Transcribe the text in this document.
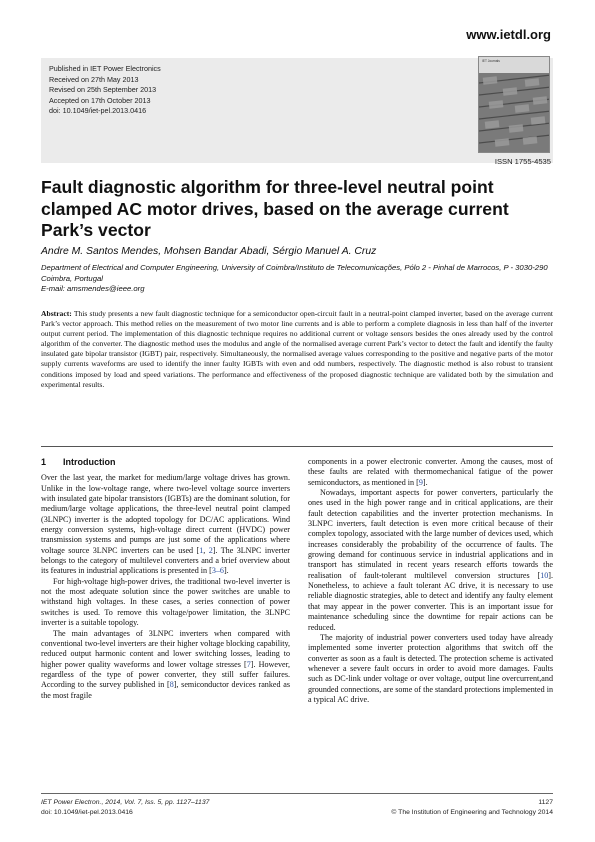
www.ietdl.org
Published in IET Power Electronics
Received on 27th May 2013
Revised on 25th September 2013
Accepted on 17th October 2013
doi: 10.1049/iet-pel.2013.0416
IET Journals
ISSN 1755-4535
Fault diagnostic algorithm for three-level neutral point clamped AC motor drives, based on the average current Park’s vector
Andre M. Santos Mendes, Mohsen Bandar Abadi, Sérgio Manuel A. Cruz
Department of Electrical and Computer Engineering, University of Coimbra/Instituto de Telecomunicações, Pólo 2 - Pinhal de Marrocos, P - 3030-290 Coimbra, Portugal
E-mail: amsmendes@ieee.org
Abstract: This study presents a new fault diagnostic technique for a semiconductor open-circuit fault in a neutral-point clamped inverter, based on the average current Park’s vector approach. This method relies on the measurement of two motor line currents and is able to perform a complete diagnosis in less than half of the inverter output current period. The implementation of this diagnostic technique requires no additional current or voltage sensors besides the ones already used by the control algorithm of the converter. The diagnostic method uses the modulus and angle of the normalised average current Park’s vector to detect the fault and identify the faulty insulated gate bipolar transistor (IGBT) pair, respectively. Simultaneously, the normalised average values corresponding to the positive and negative parts of the motor supply currents waveforms are used to identify the inner faulty IGBTs with even and odd numbers, respectively. The diagnostic method is also robust to transient conditions imposed by load and speed variations. The performance and effectiveness of the proposed diagnostic technique are validated both by the simulation and experimental results.
1 Introduction
Over the last year, the market for medium/large voltage drives has grown. Unlike in the low-voltage range, where two-level voltage source inverters with insulated gate bipolar transistors (IGBTs) are the dominant solution, for medium/large voltage applications, the three-level neutral point clamped (3LNPC) inverter is the adopted topology for DC/AC applications. Wind energy conversion systems, high-voltage direct current (HVDC) power transmission systems and pumps are just some of the applications where voltage source 3LNPC inverters can be used [1, 2]. The 3LNPC inverter belongs to the category of multilevel converters and a brief overview about its features in industrial applications is presented in [3–6].
For high-voltage high-power drives, the traditional two-level inverter is not the most adequate solution since the power switches are unable to withstand high voltages. In these cases, a series connection of power switches is used. To remove this voltage/power limitation, the 3LNPC inverter is a suitable topology.
The main advantages of 3LNPC inverters when compared with conventional two-level inverters are their higher voltage blocking capability, reduced output harmonic content and lower switching losses, leading to higher power quality waveforms and lower voltage stresses [7]. However, regardless of the type of power converter, they still suffer failures. According to the survey published in [8], semiconductor devices ranked as the most fragile
components in a power electronic converter. Among the causes, most of these faults are related with thermomechanical fatigue of the power semiconductors, as mentioned in [9].
Nowadays, important aspects for power converters, particularly the ones used in the high power range and in critical applications, are their fault detection capabilities and the inverter protection mechanisms. In 3LNPC inverters, fault detection is even more critical because of their complex topology, associated with the large number of devices used, which increases considerably the probability of the occurrence of faults. The growing demand for continuous service in industrial applications and in transport has stimulated in recent years research efforts towards the realisation of fault-tolerant multilevel conversion structures [10]. Nonetheless, to achieve a fault tolerant AC drive, it is necessary to use reliable diagnostic strategies, able to detect and identify any faulty element that may appear in the power converter. This is an important issue for maintenance scheduling since the downtime for repair actions can be reduced.
The majority of industrial power converters used today have already implemented some inverter protection algorithms that switch off the converter as soon as a fault is detected. The protection scheme is activated whenever a severe fault occurs in order to avoid more damages. Faults such as DC-link under voltage or over voltage, output line overcurrent,and grounded connections, are some of the standard protections implemented in a typical AC drive.
IET Power Electron., 2014, Vol. 7, Iss. 5, pp. 1127–1137
doi: 10.1049/iet-pel.2013.0416
1127
© The Institution of Engineering and Technology 2014
